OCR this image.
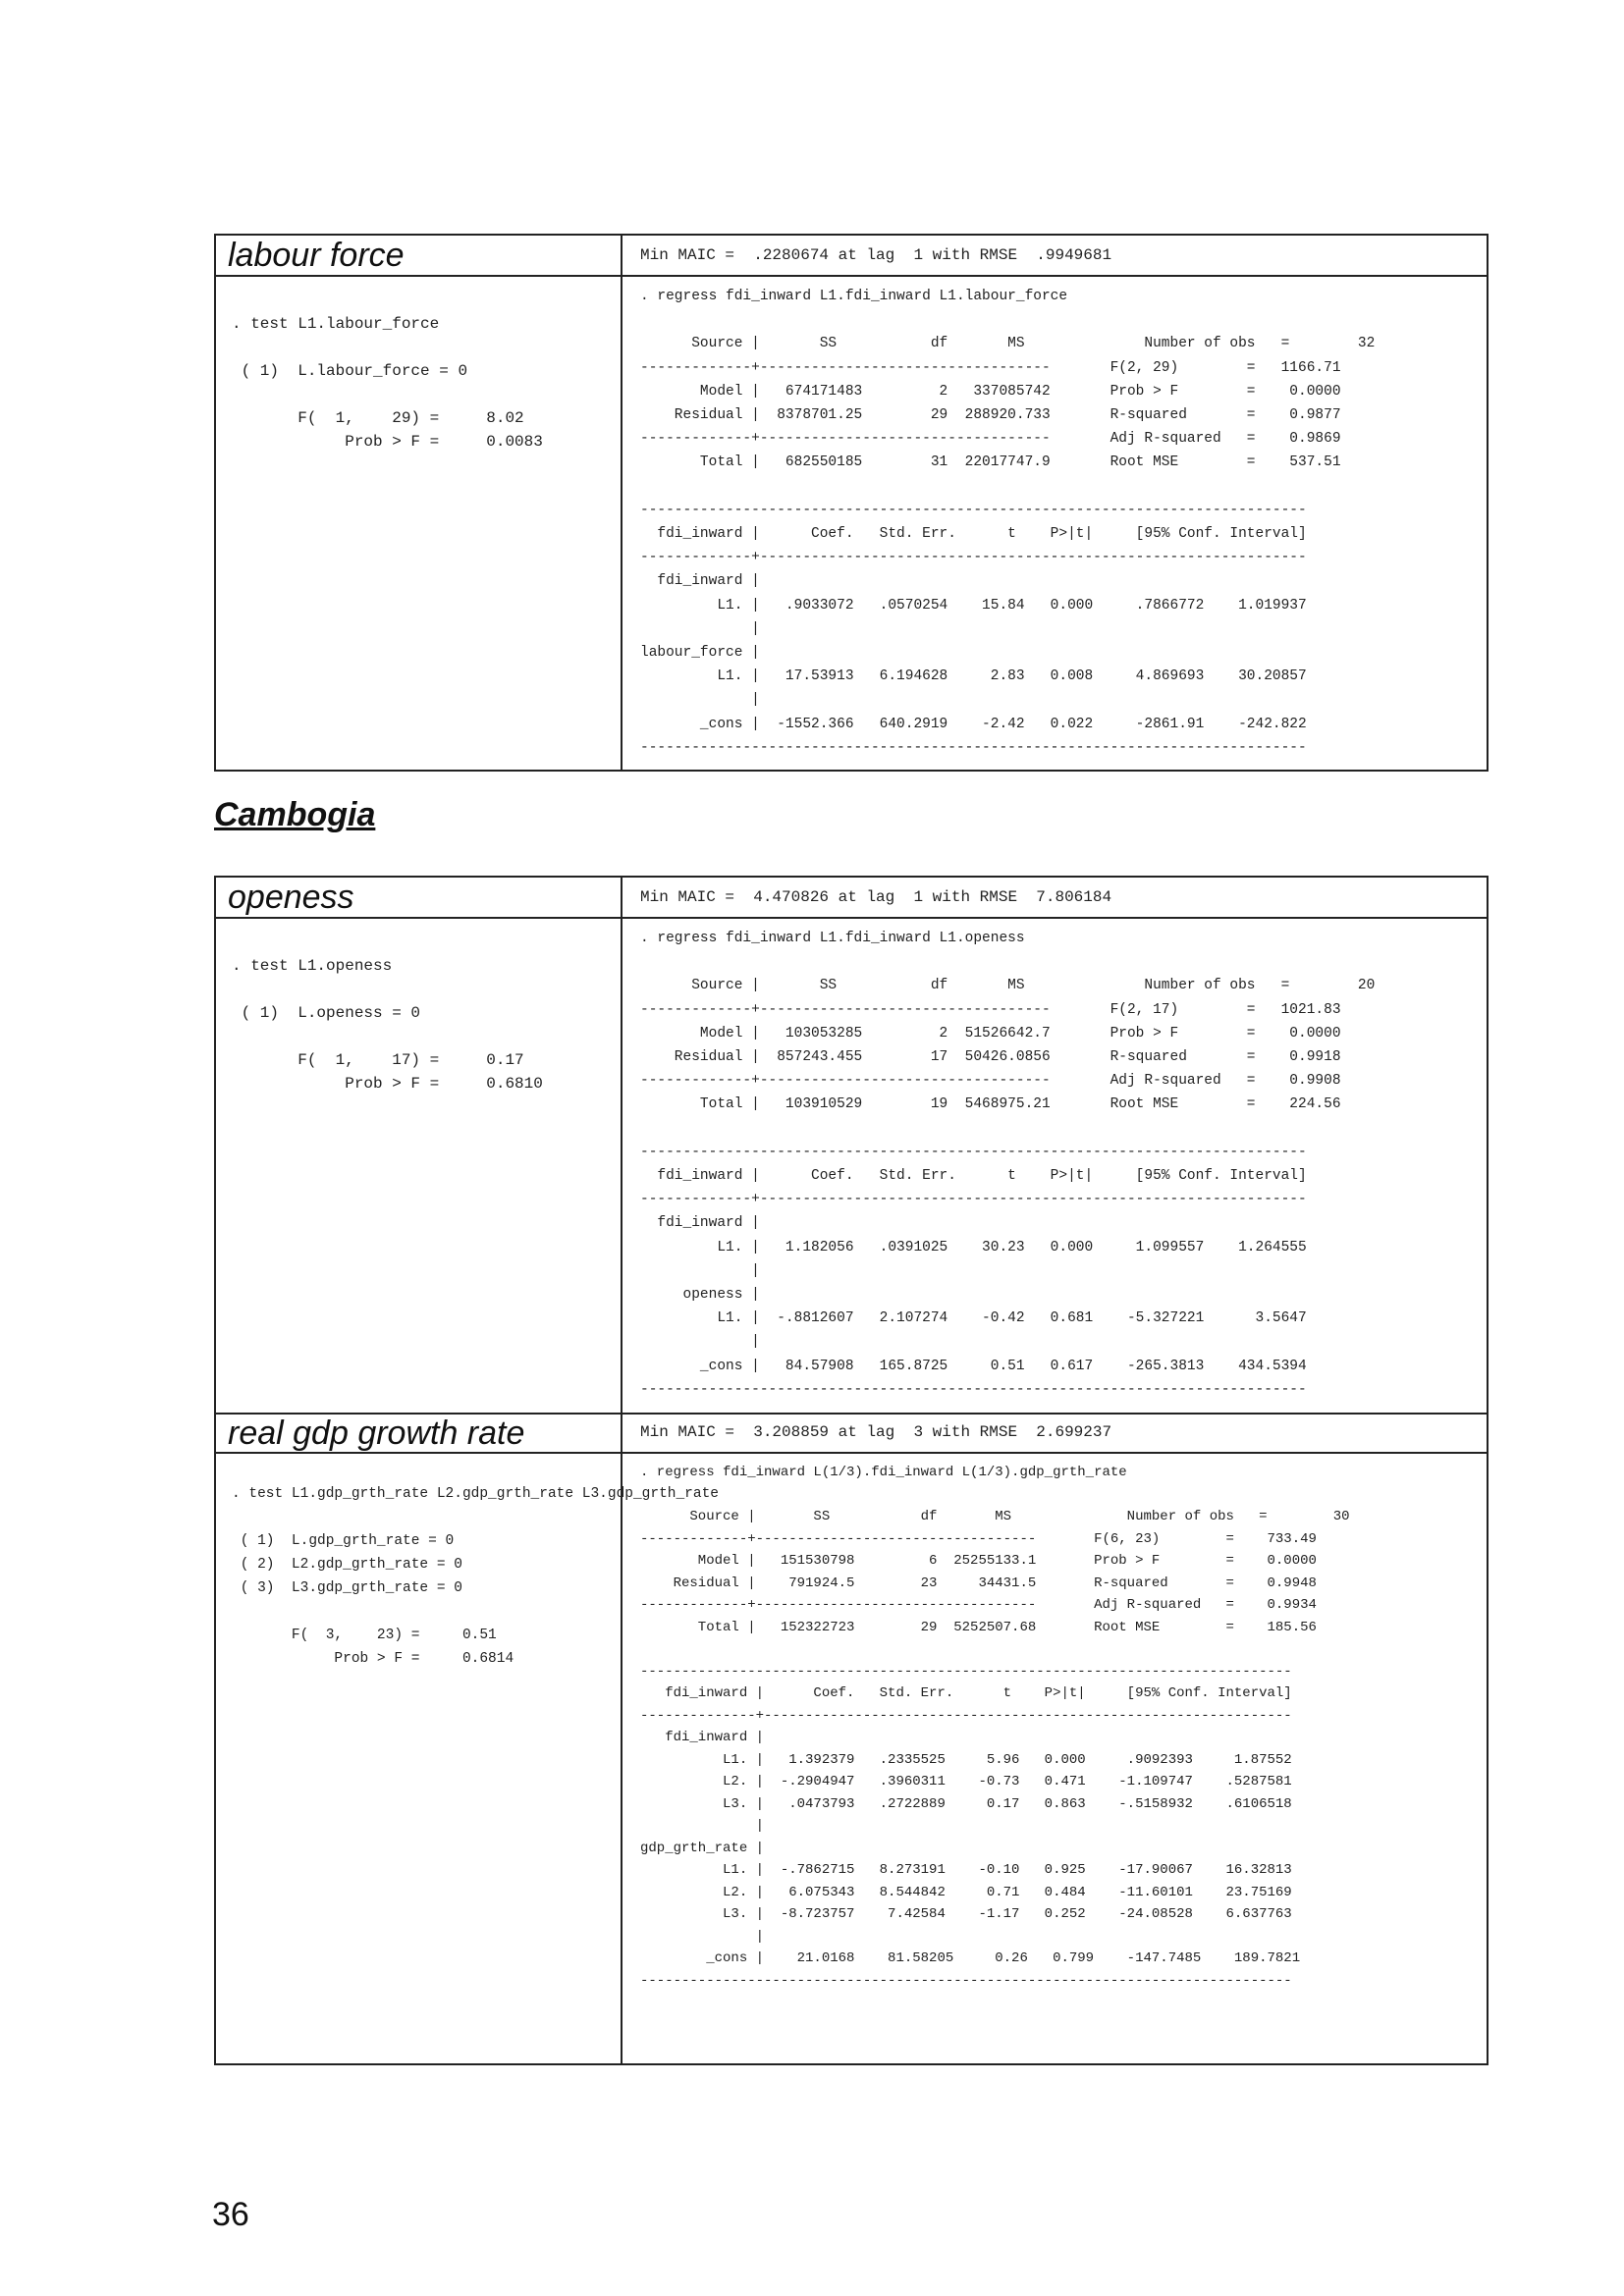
labour force	Min MAIC =  .2280674 at lag  1 with RMSE  .9949681
. test L1.labour_force

( 1)  L.labour_force = 0

F(  1,    29) =     8.02
Prob > F =     0.0083
. regress fdi_inward L1.fdi_inward L1.labour_force

Source |       SS           df       MS              Number of obs   =        32
-------------+----------------------------------       F(2, 29)        =   1166.71
Model |   674171483         2   337085742       Prob > F        =    0.0000
Residual |  8378701.25        29  288920.733       R-squared       =    0.9877
-------------+----------------------------------       Adj R-squared   =    0.9869
Total |   682550185        31  22017747.9       Root MSE        =    537.51

------------------------------------------------------------------------------
fdi_inward |      Coef.   Std. Err.      t    P>|t|     [95% Conf. Interval]
-------------+----------------------------------------------------------------
fdi_inward |
L1. |   .9033072   .0570254    15.84   0.000     .7866772    1.019937
|
labour_force |
L1. |   17.53913   6.194628     2.83   0.008     4.869693    30.20857
|
_cons |  -1552.366   640.2919    -2.42   0.022     -2861.91    -242.822
------------------------------------------------------------------------------
Cambogia
openess	Min MAIC =  4.470826 at lag  1 with RMSE  7.806184
. test L1.openess

( 1)  L.openess = 0

F(  1,    17) =     0.17
Prob > F =     0.6810
. regress fdi_inward L1.fdi_inward L1.openess

Source |       SS           df       MS              Number of obs   =        20
-------------+----------------------------------       F(2, 17)        =   1021.83
Model |   103053285         2  51526642.7       Prob > F        =    0.0000
Residual |  857243.455        17  50426.0856       R-squared       =    0.9918
-------------+----------------------------------       Adj R-squared   =    0.9908
Total |   103910529        19  5468975.21       Root MSE        =    224.56

------------------------------------------------------------------------------
fdi_inward |      Coef.   Std. Err.      t    P>|t|     [95% Conf. Interval]
-------------+----------------------------------------------------------------
fdi_inward |
L1. |   1.182056   .0391025    30.23   0.000     1.099557    1.264555
|
openess |
L1. |  -.8812607   2.107274    -0.42   0.681    -5.327221      3.5647
|
_cons |   84.57908   165.8725     0.51   0.617    -265.3813    434.5394
------------------------------------------------------------------------------
real gdp growth rate	Min MAIC =  3.208859 at lag  3 with RMSE  2.699237
. test L1.gdp_grth_rate L2.gdp_grth_rate L3.gdp_grth_rate

( 1)  L.gdp_grth_rate = 0
( 2)  L2.gdp_grth_rate = 0
( 3)  L3.gdp_grth_rate = 0

F(  3,    23) =     0.51
Prob > F =     0.6814
. regress fdi_inward L(1/3).fdi_inward L(1/3).gdp_grth_rate

Source |       SS           df       MS              Number of obs   =        30
-------------+----------------------------------       F(6, 23)        =    733.49
Model |   151530798         6  25255133.1       Prob > F        =    0.0000
Residual |    791924.5        23     34431.5       R-squared       =    0.9948
-------------+----------------------------------       Adj R-squared   =    0.9934
Total |   152322723        29  5252507.68       Root MSE        =    185.56

-------------------------------------------------------------------------------
fdi_inward |      Coef.   Std. Err.      t    P>|t|     [95% Conf. Interval]
--------------+----------------------------------------------------------------
fdi_inward |
L1. |   1.392379   .2335525     5.96   0.000     .9092393     1.87552
L2. |  -.2904947   .3960311    -0.73   0.471    -1.109747    .5287581
L3. |   .0473793   .2722889     0.17   0.863    -.5158932    .6106518
|
gdp_grth_rate |
L1. |  -.7862715   8.273191    -0.10   0.925    -17.90067    16.32813
L2. |   6.075343   8.544842     0.71   0.484    -11.60101    23.75169
L3. |  -8.723757    7.42584    -1.17   0.252    -24.08528    6.637763
|
_cons |    21.0168    81.58205     0.26   0.799    -147.7485    189.7821
-------------------------------------------------------------------------------
36
